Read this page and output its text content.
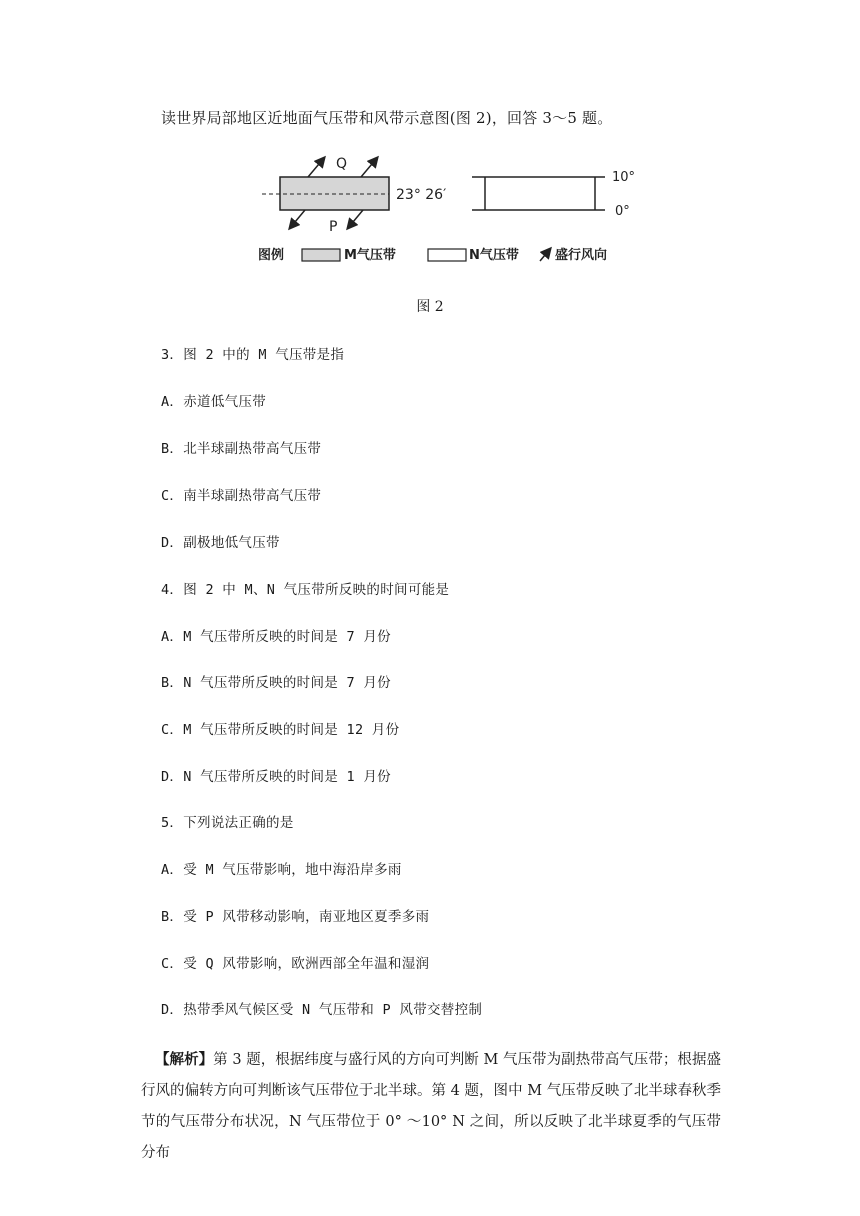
读世界局部地区近地面气压带和风带示意图(图 2)，回答 3～5 题。
Q
P
23° 26′
10°
0°
图例	M气压带	N气压带	盛行风向
图 2
3．图 2 中的 M 气压带是指
A．赤道低气压带
B．北半球副热带高气压带
C．南半球副热带高气压带
D．副极地低气压带
4．图 2 中 M、N 气压带所反映的时间可能是
A．M 气压带所反映的时间是 7 月份
B．N 气压带所反映的时间是 7 月份
C．M 气压带所反映的时间是 12 月份
D．N 气压带所反映的时间是 1 月份
5．下列说法正确的是
A．受 M 气压带影响，地中海沿岸多雨
B．受 P 风带移动影响，南亚地区夏季多雨
C．受 Q 风带影响，欧洲西部全年温和湿润
D．热带季风气候区受 N 气压带和 P 风带交替控制
【解析】第 3 题，根据纬度与盛行风的方向可判断 M 气压带为副热带高气压带；根据盛行风的偏转方向可判断该气压带位于北半球。第 4 题，图中 M 气压带反映了北半球春秋季节的气压带分布状况，N 气压带位于 0° ～10° N 之间，所以反映了北半球夏季的气压带分布
